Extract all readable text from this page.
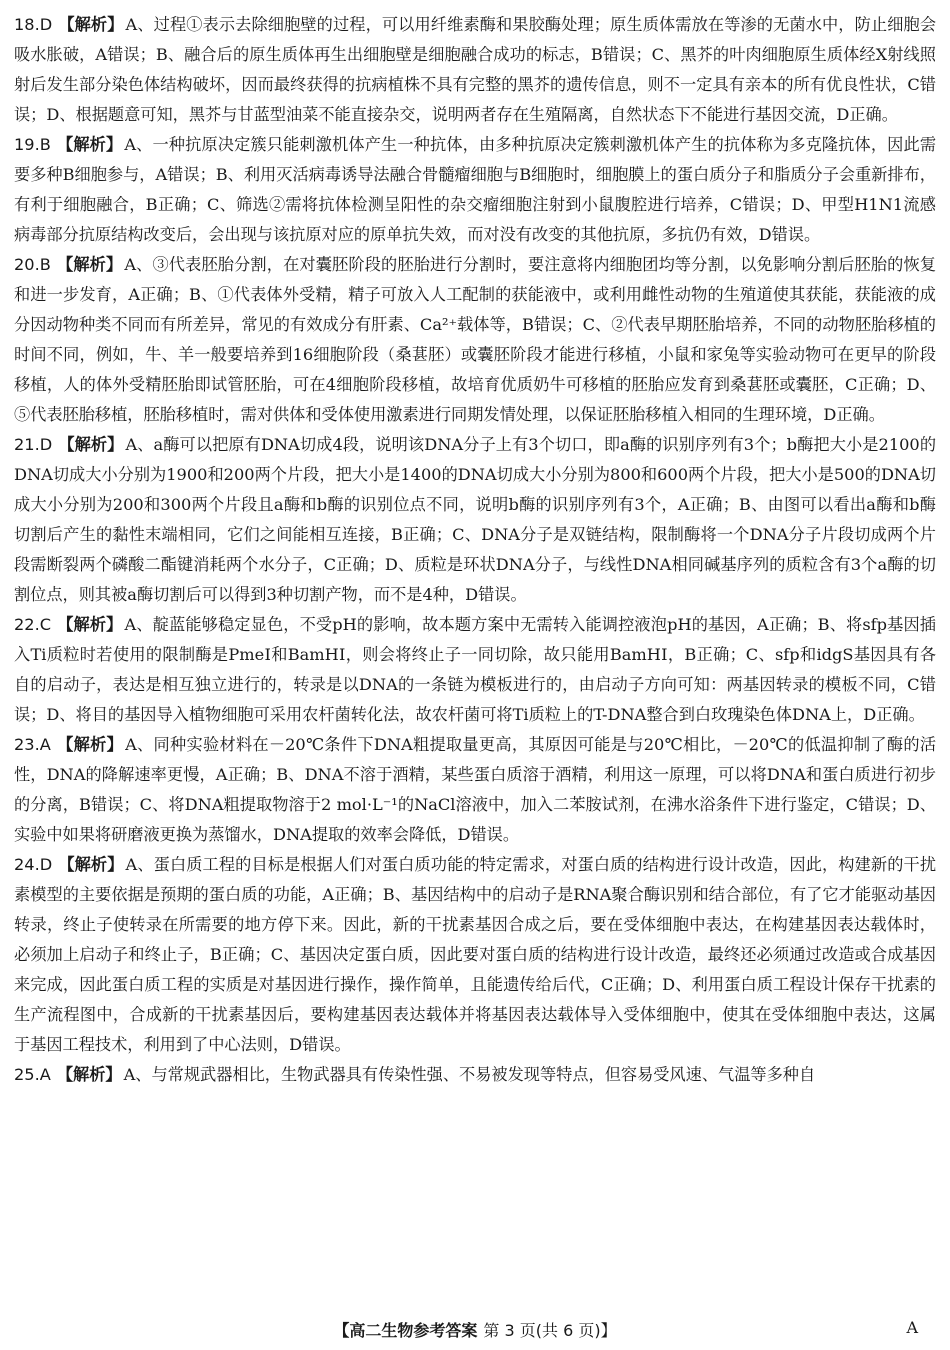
18.D 【解析】 A、过程①表示去除细胞壁的过程，可以用纤维素酶和果胶酶处理；原生质体需放在等渗的无菌水中，防止细胞会吸水胀破，A错误；B、融合后的原生质体再生出细胞壁是细胞融合成功的标志，B错误；C、黑芥的叶肉细胞原生质体经X射线照射后发生部分染色体结构破坏，因而最终获得的抗病植株不具有完整的黑芥的遗传信息，则不一定具有亲本的所有优良性状，C错误；D、根据题意可知，黑芥与甘蓝型油菜不能直接杂交，说明两者存在生殖隔离，自然状态下不能进行基因交流，D正确。

19.B 【解析】 A、一种抗原决定簇只能刺激机体产生一种抗体，由多种抗原决定簇刺激机体产生的抗体称为多克隆抗体，因此需要多种B细胞参与，A错误；B、利用灭活病毒诱导法融合骨髓瘤细胞与B细胞时，细胞膜上的蛋白质分子和脂质分子会重新排布，有利于细胞融合，B正确；C、筛选②需将抗体检测呈阳性的杂交瘤细胞注射到小鼠腹腔进行培养，C错误；D、甲型H1N1流感病毒部分抗原结构改变后，会出现与该抗原对应的原单抗失效，而对没有改变的其他抗原，多抗仍有效，D错误。

20.B 【解析】 A、③代表胚胎分割，在对囊胚阶段的胚胎进行分割时，要注意将内细胞团均等分割，以免影响分割后胚胎的恢复和进一步发育，A正确；B、①代表体外受精，精子可放入人工配制的获能液中，或利用雌性动物的生殖道使其获能，获能液的成分因动物种类不同而有所差异，常见的有效成分有肝素、Ca²⁺载体等，B错误；C、②代表早期胚胎培养，不同的动物胚胎移植的时间不同，例如，牛、羊一般要培养到16细胞阶段（桑葚胚）或囊胚阶段才能进行移植，小鼠和家兔等实验动物可在更早的阶段移植，人的体外受精胚胎即试管胚胎，可在4细胞阶段移植，故培育优质奶牛可移植的胚胎应发育到桑葚胚或囊胚，C正确；D、⑤代表胚胎移植，胚胎移植时，需对供体和受体使用激素进行同期发情处理，以保证胚胎移植入相同的生理环境，D正确。

21.D 【解析】 A、a酶可以把原有DNA切成4段，说明该DNA分子上有3个切口，即a酶的识别序列有3个；b酶把大小是2100的DNA切成大小分别为1900和200两个片段，把大小是1400的DNA切成大小分别为800和600两个片段，把大小是500的DNA切成大小分别为200和300两个片段且a酶和b酶的识别位点不同，说明b酶的识别序列有3个，A正确；B、由图可以看出a酶和b酶切割后产生的黏性末端相同，它们之间能相互连接，B正确；C、DNA分子是双链结构，限制酶将一个DNA分子片段切成两个片段需断裂两个磷酸二酯键消耗两个水分子，C正确；D、质粒是环状DNA分子，与线性DNA相同碱基序列的质粒含有3个a酶的切割位点，则其被a酶切割后可以得到3种切割产物，而不是4种，D错误。

22.C 【解析】 A、靛蓝能够稳定显色，不受pH的影响，故本题方案中无需转入能调控液泡pH的基因，A正确；B、将sfp基因插入Ti质粒时若使用的限制酶是PmeⅠ和BamHⅠ，则会将终止子一同切除，故只能用BamHⅠ，B正确；C、sfp和idgS基因具有各自的启动子，表达是相互独立进行的，转录是以DNA的一条链为模板进行的，由启动子方向可知：两基因转录的模板不同，C错误；D、将目的基因导入植物细胞可采用农杆菌转化法，故农杆菌可将Ti质粒上的T-DNA整合到白玫瑰染色体DNA上，D正确。

23.A 【解析】 A、同种实验材料在－20℃条件下DNA粗提取量更高，其原因可能是与20℃相比，－20℃的低温抑制了酶的活性，DNA的降解速率更慢，A正确；B、DNA不溶于酒精，某些蛋白质溶于酒精，利用这一原理，可以将DNA和蛋白质进行初步的分离，B错误；C、将DNA粗提取物溶于2 mol·L⁻¹的NaCl溶液中，加入二苯胺试剂，在沸水浴条件下进行鉴定，C错误；D、实验中如果将研磨液更换为蒸馏水，DNA提取的效率会降低，D错误。

24.D 【解析】 A、蛋白质工程的目标是根据人们对蛋白质功能的特定需求，对蛋白质的结构进行设计改造，因此，构建新的干扰素模型的主要依据是预期的蛋白质的功能，A正确；B、基因结构中的启动子是RNA聚合酶识别和结合部位，有了它才能驱动基因转录，终止子使转录在所需要的地方停下来。因此，新的干扰素基因合成之后，要在受体细胞中表达，在构建基因表达载体时，必须加上启动子和终止子，B正确；C、基因决定蛋白质，因此要对蛋白质的结构进行设计改造，最终还必须通过改造或合成基因来完成，因此蛋白质工程的实质是对基因进行操作，操作简单，且能遗传给后代，C正确；D、利用蛋白质工程设计保存干扰素的生产流程图中，合成新的干扰素基因后，要构建基因表达载体并将基因表达载体导入受体细胞中，使其在受体细胞中表达，这属于基因工程技术，利用到了中心法则，D错误。

25.A 【解析】 A、与常规武器相比，生物武器具有传染性强、不易被发现等特点，但容易受风速、气温等多种自

【高二生物参考答案 第 3 页(共 6 页)】	A
